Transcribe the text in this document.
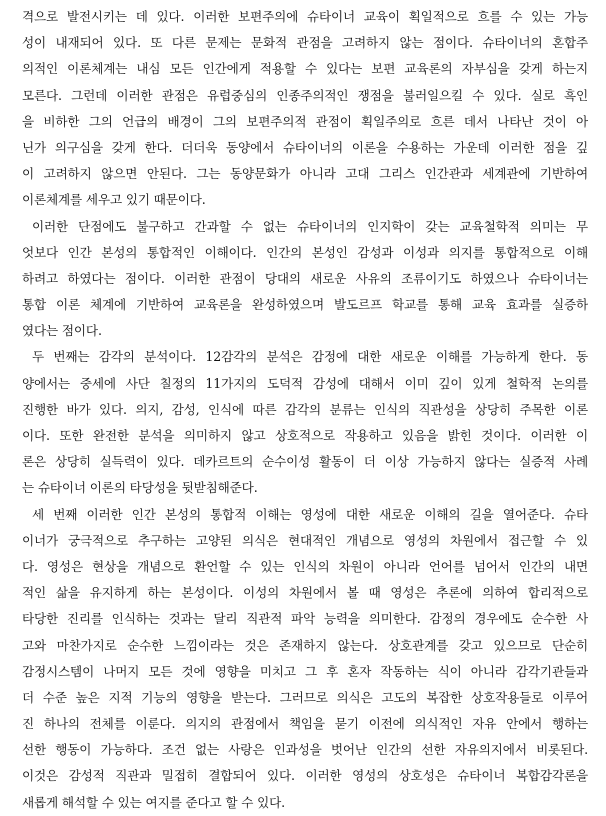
격으로 발전시키는 데 있다. 이러한 보편주의에 슈타이너 교육이 획일적으로 흐를 수 있는 가능
성이 내재되어 있다. 또 다른 문제는 문화적 관점을 고려하지 않는 점이다. 슈타이너의 혼합주
의적인 이론체계는 내심 모든 인간에게 적용할 수 있다는 보편 교육론의 자부심을 갖게 하는지
모른다. 그런데 이러한 관점은 유럽중심의 인종주의적인 쟁점을 불러일으킬 수 있다. 실로 흑인
을 비하한 그의 언급의 배경이 그의 보편주의적 관점이 획일주의로 흐른 데서 나타난 것이 아
닌가 의구심을 갖게 한다. 더더욱 동양에서 슈타이너의 이론을 수용하는 가운데 이러한 점을 깊
이 고려하지 않으면 안된다. 그는 동양문화가 아니라 고대 그리스 인간관과 세계관에 기반하여
이론체계를 세우고 있기 때문이다.
이러한 단점에도 불구하고 간과할 수 없는 슈타이너의 인지학이 갖는 교육철학적 의미는 무
엇보다 인간 본성의 통합적인 이해이다. 인간의 본성인 감성과 이성과 의지를 통합적으로 이해
하려고 하였다는 점이다. 이러한 관점이 당대의 새로운 사유의 조류이기도 하였으나 슈타이너는
통합 이론 체계에 기반하여 교육론을 완성하였으며 발도르프 학교를 통해 교육 효과를 실증하
였다는 점이다.
두 번째는 감각의 분석이다. 12감각의 분석은 감정에 대한 새로운 이해를 가능하게 한다. 동
양에서는 중세에 사단 칠정의 11가지의 도덕적 감성에 대해서 이미 깊이 있게 철학적 논의를
진행한 바가 있다. 의지, 감성, 인식에 따른 감각의 분류는 인식의 직관성을 상당히 주목한 이론
이다. 또한 완전한 분석을 의미하지 않고 상호적으로 작용하고 있음을 밝힌 것이다. 이러한 이
론은 상당히 실득력이 있다. 데카르트의 순수이성 활동이 더 이상 가능하지 않다는 실증적 사례
는 슈타이너 이론의 타당성을 뒷받침해준다.
세 번째 이러한 인간 본성의 통합적 이해는 영성에 대한 새로운 이해의 길을 열어준다. 슈타
이너가 궁극적으로 추구하는 고양된 의식은 현대적인 개념으로 영성의 차원에서 접근할 수 있
다. 영성은 현상을 개념으로 환언할 수 있는 인식의 차원이 아니라 언어를 넘어서 인간의 내면
적인 삶을 유지하게 하는 본성이다. 이성의 차원에서 볼 때 영성은 추론에 의하여 합리적으로
타당한 진리를 인식하는 것과는 달리 직관적 파악 능력을 의미한다. 감정의 경우에도 순수한 사
고와 마찬가지로 순수한 느낌이라는 것은 존재하지 않는다. 상호관계를 갖고 있으므로 단순히
감정시스템이 나머지 모든 것에 영향을 미치고 그 후 혼자 작동하는 식이 아니라 감각기관들과
더 수준 높은 지적 기능의 영향을 받는다. 그러므로 의식은 고도의 복잡한 상호작용들로 이루어
진 하나의 전체를 이룬다. 의지의 관점에서 책임을 묻기 이전에 의식적인 자유 안에서 행하는
선한 행동이 가능하다. 조건 없는 사랑은 인과성을 벗어난 인간의 선한 자유의지에서 비롯된다.
이것은 감성적 직관과 밀접히 결합되어 있다. 이러한 영성의 상호성은 슈타이너 복합감각론을
새롭게 해석할 수 있는 여지를 준다고 할 수 있다.
